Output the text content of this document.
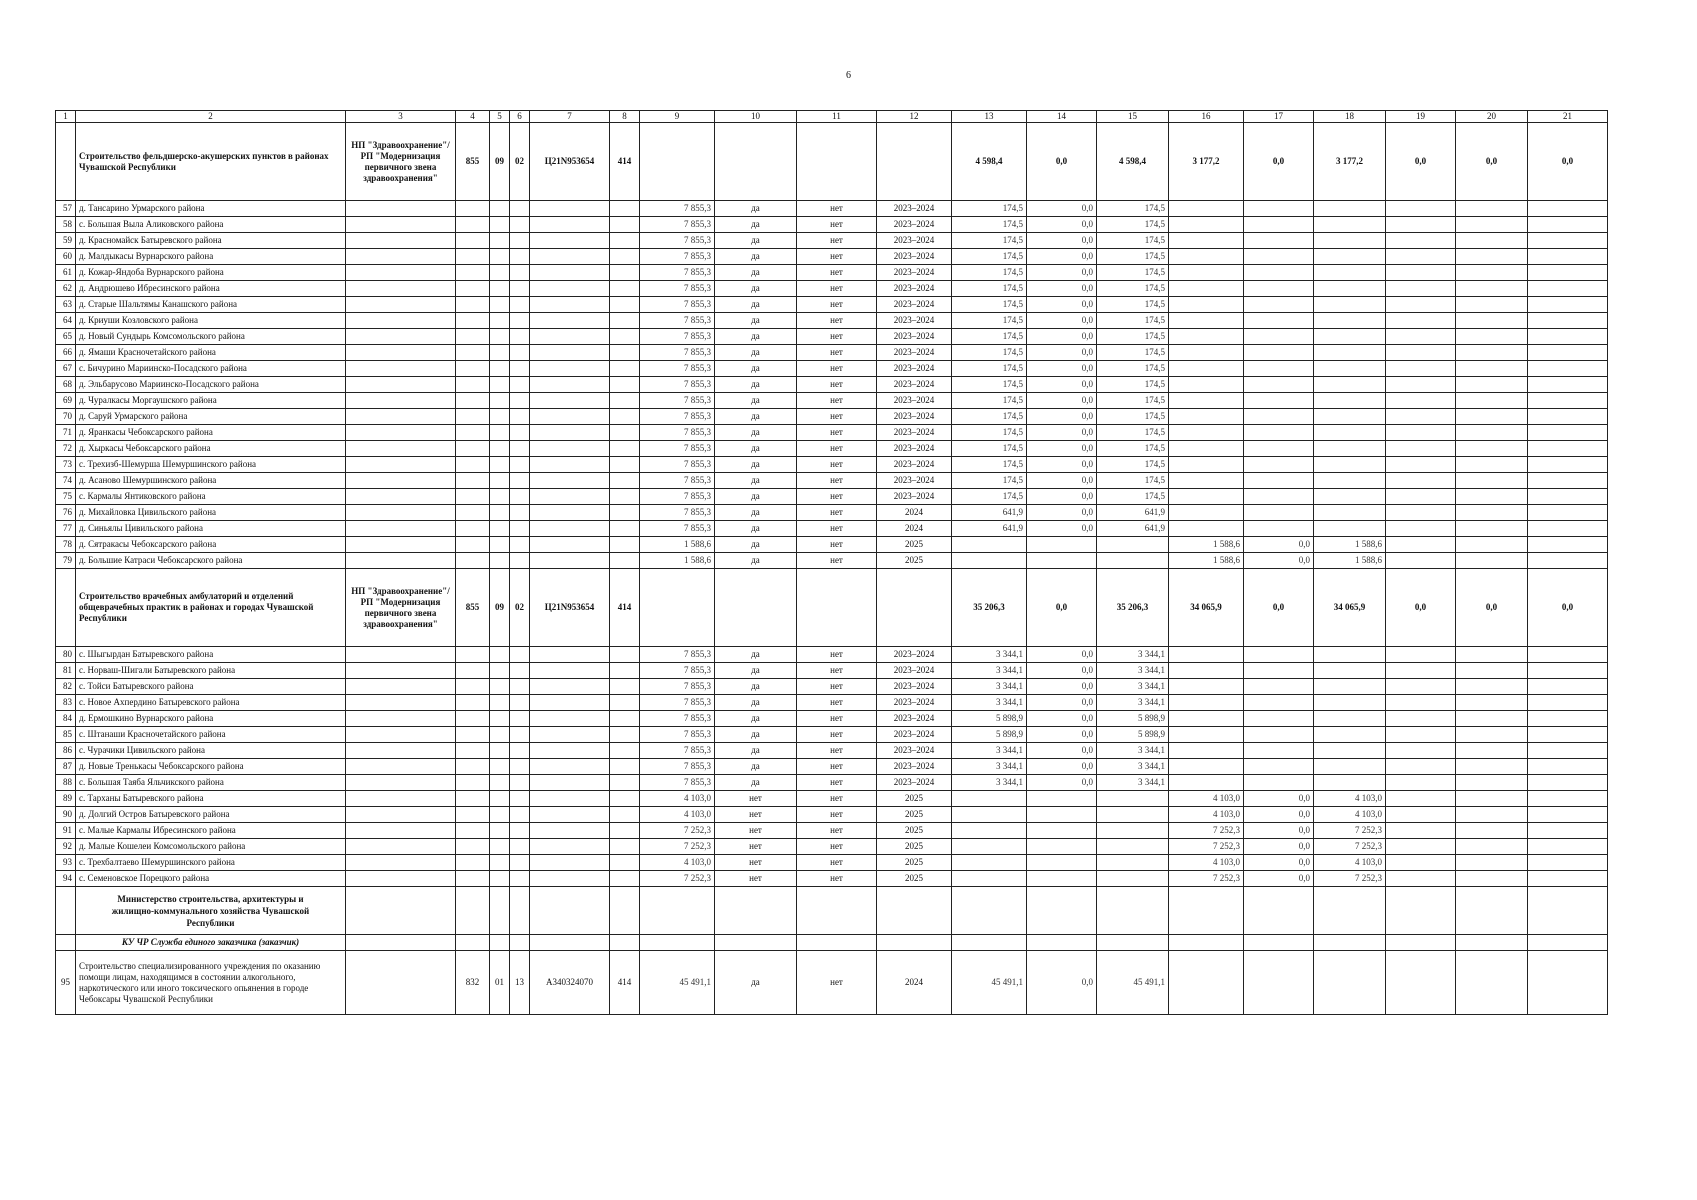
6
1	2	3	4	5	6	7	8	9	10	11	12	13	14	15	16	17	18	19	20	21
	Строительство фельдшерско-акушерских пунктов в районах Чувашской Республики	НП "Здравоохранение"/ РП "Модернизация первичного звена здравоохранения"	855	09	02	Ц21N953654	414					4 598,4	0,0	4 598,4	3 177,2	0,0	3 177,2	0,0	0,0	0,0
57	д. Тансарино Урмарского района							7 855,3	да	нет	2023–2024	174,5	0,0	174,5						
58	с. Большая Выла Аликовского района							7 855,3	да	нет	2023–2024	174,5	0,0	174,5						
59	д. Красномайск Батыревского района							7 855,3	да	нет	2023–2024	174,5	0,0	174,5						
60	д. Малдыкасы Вурнарского района							7 855,3	да	нет	2023–2024	174,5	0,0	174,5						
61	д. Кожар-Яндоба Вурнарского района							7 855,3	да	нет	2023–2024	174,5	0,0	174,5						
62	д. Андрюшево Ибресинского района							7 855,3	да	нет	2023–2024	174,5	0,0	174,5						
63	д. Старые Шальтямы Канашского района							7 855,3	да	нет	2023–2024	174,5	0,0	174,5						
64	д. Криуши Козловского района							7 855,3	да	нет	2023–2024	174,5	0,0	174,5						
65	д. Новый Сундырь Комсомольского района							7 855,3	да	нет	2023–2024	174,5	0,0	174,5						
66	д. Ямаши Красночетайского района							7 855,3	да	нет	2023–2024	174,5	0,0	174,5						
67	с. Бичурино Мариинско-Посадского района							7 855,3	да	нет	2023–2024	174,5	0,0	174,5						
68	д. Эльбарусово Мариинско-Посадского района							7 855,3	да	нет	2023–2024	174,5	0,0	174,5						
69	д. Чуралкасы Моргаушского района							7 855,3	да	нет	2023–2024	174,5	0,0	174,5						
70	д. Саруй Урмарского района							7 855,3	да	нет	2023–2024	174,5	0,0	174,5						
71	д. Яранкасы Чебоксарского района							7 855,3	да	нет	2023–2024	174,5	0,0	174,5						
72	д. Хыркасы Чебоксарского района							7 855,3	да	нет	2023–2024	174,5	0,0	174,5						
73	с. Трехизб-Шемурша Шемуршинского района							7 855,3	да	нет	2023–2024	174,5	0,0	174,5						
74	д. Асаново Шемуршинского района							7 855,3	да	нет	2023–2024	174,5	0,0	174,5						
75	с. Кармалы Янтиковского района							7 855,3	да	нет	2023–2024	174,5	0,0	174,5						
76	д. Михайловка Цивильского района							7 855,3	да	нет	2024	641,9	0,0	641,9						
77	д. Синьялы Цивильского района							7 855,3	да	нет	2024	641,9	0,0	641,9						
78	д. Сятракасы Чебоксарского района							1 588,6	да	нет	2025				1 588,6	0,0	1 588,6			
79	д. Большие Катраси Чебоксарского района							1 588,6	да	нет	2025				1 588,6	0,0	1 588,6			
	Строительство врачебных амбулаторий и отделений общеврачебных практик в районах и городах Чувашской Республики	НП "Здравоохранение"/ РП "Модернизация первичного звена здравоохранения"	855	09	02	Ц21N953654	414					35 206,3	0,0	35 206,3	34 065,9	0,0	34 065,9	0,0	0,0	0,0
80	с. Шыгырдан Батыревского района							7 855,3	да	нет	2023–2024	3 344,1	0,0	3 344,1						
81	с. Норваш-Шигали Батыревского района							7 855,3	да	нет	2023–2024	3 344,1	0,0	3 344,1						
82	с. Тойси Батыревского района							7 855,3	да	нет	2023–2024	3 344,1	0,0	3 344,1						
83	с. Новое Ахпердино Батыревского района							7 855,3	да	нет	2023–2024	3 344,1	0,0	3 344,1						
84	д. Ермошкино Вурнарского района							7 855,3	да	нет	2023–2024	5 898,9	0,0	5 898,9						
85	с. Штанаши Красночетайского района							7 855,3	да	нет	2023–2024	5 898,9	0,0	5 898,9						
86	с. Чурачики Цивильского района							7 855,3	да	нет	2023–2024	3 344,1	0,0	3 344,1						
87	д. Новые Тренькасы Чебоксарского района							7 855,3	да	нет	2023–2024	3 344,1	0,0	3 344,1						
88	с. Большая Таяба Яльчикского района							7 855,3	да	нет	2023–2024	3 344,1	0,0	3 344,1						
89	с. Тарханы Батыревского района							4 103,0	нет	нет	2025				4 103,0	0,0	4 103,0			
90	д. Долгий Остров Батыревского района							4 103,0	нет	нет	2025				4 103,0	0,0	4 103,0			
91	с. Малые Кармалы Ибресинского района							7 252,3	нет	нет	2025				7 252,3	0,0	7 252,3			
92	д. Малые Кошелеи Комсомольского района							7 252,3	нет	нет	2025				7 252,3	0,0	7 252,3			
93	с. Трехбалтаево Шемуршинского района							4 103,0	нет	нет	2025				4 103,0	0,0	4 103,0			
94	с. Семеновское Порецкого района							7 252,3	нет	нет	2025				7 252,3	0,0	7 252,3			
	Министерство строительства, архитектуры и жилищно-коммунального хозяйства Чувашской Республики																			
	КУ ЧР Служба единого заказчика (заказчик)																			
95	Строительство специализированного учреждения по оказанию помощи лицам, находящимся в состоянии алкогольного, наркотического или иного токсического опьянения в городе Чебоксары Чувашской Республики		832	01	13	А340324070	414	45 491,1	да	нет	2024	45 491,1	0,0	45 491,1						
